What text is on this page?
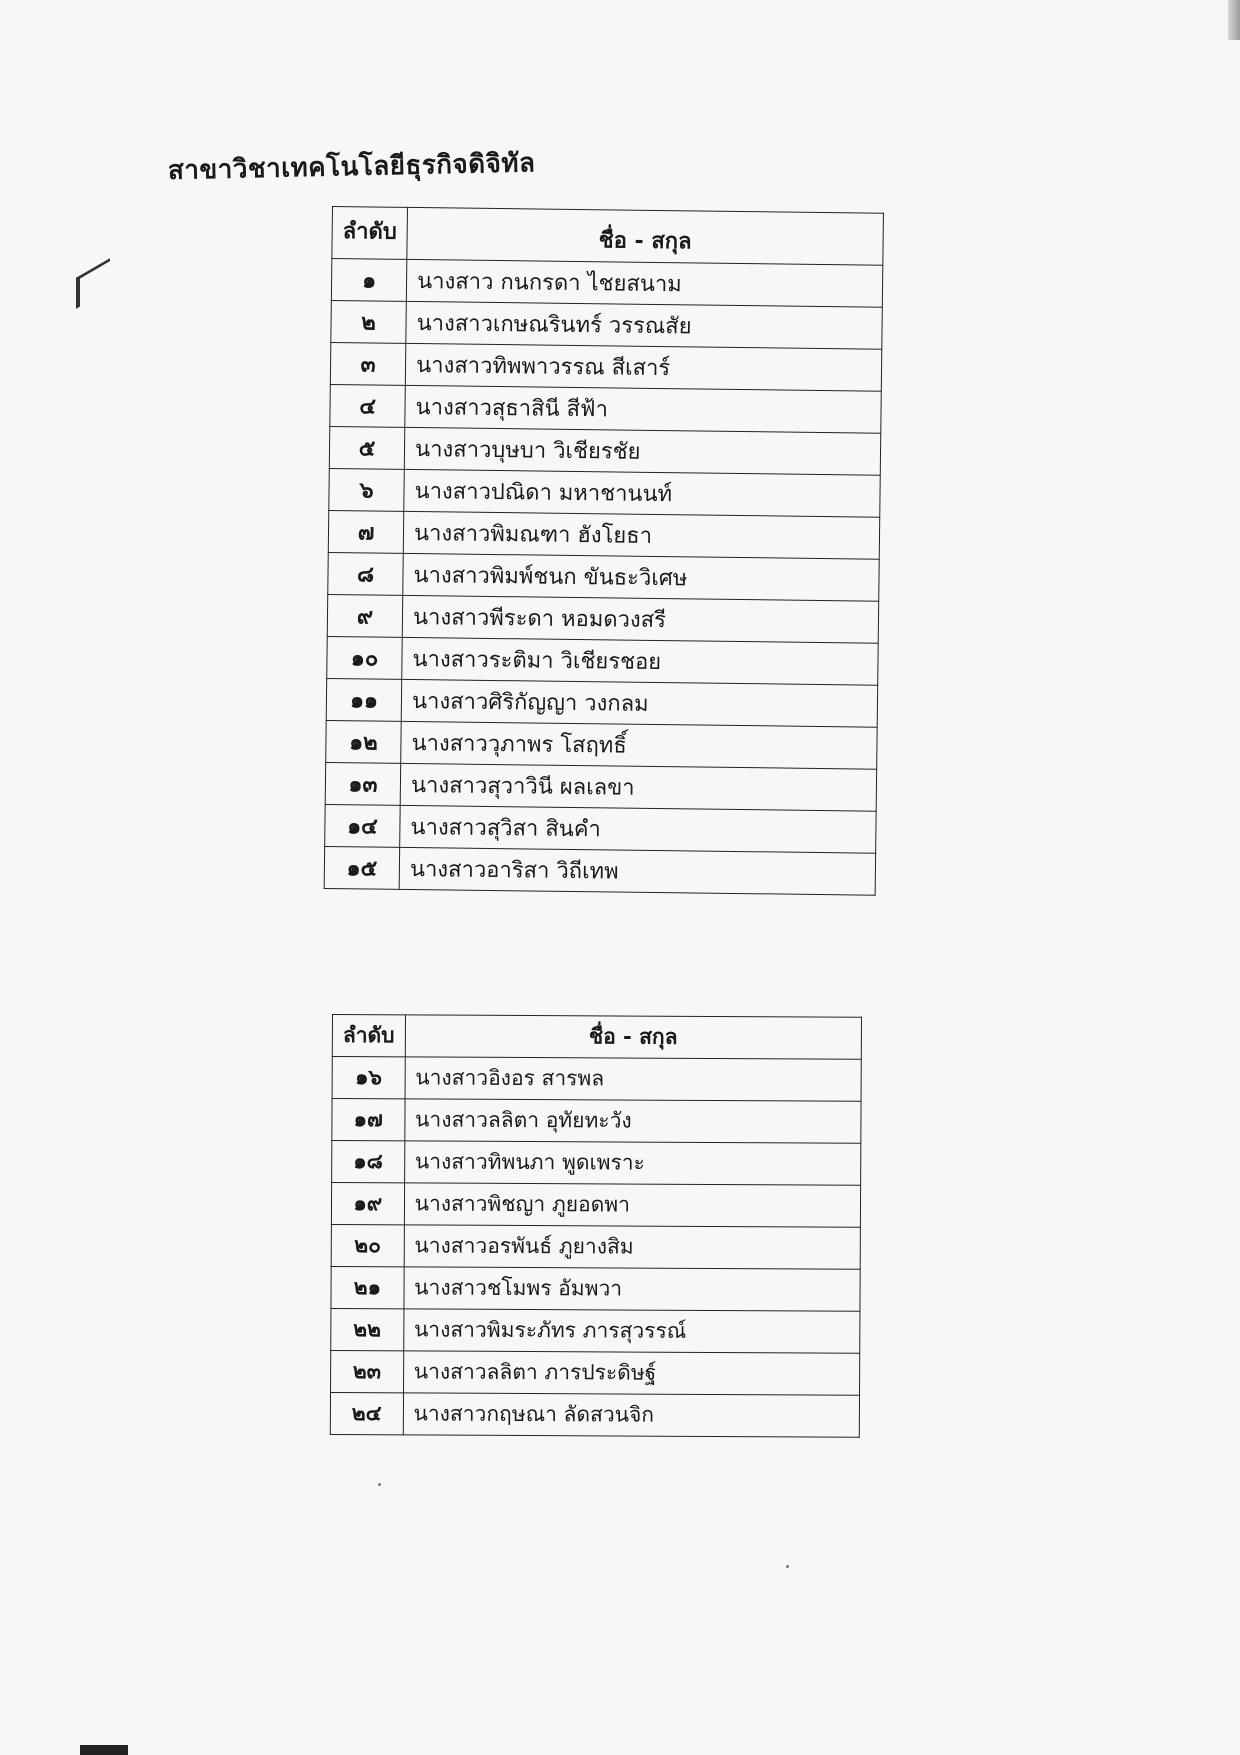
สาขาวิชาเทคโนโลยีธุรกิจดิจิทัล
ลำดับ	ชื่อ - สกุล
๑	นางสาว กนกรดา ไชยสนาม
๒	นางสาวเกษณรินทร์ วรรณสัย
๓	นางสาวทิพพาวรรณ สีเสาร์
๔	นางสาวสุธาสินี สีฟ้า
๕	นางสาวบุษบา วิเชียรชัย
๖	นางสาวปณิดา มหาชานนท์
๗	นางสาวพิมณฑา ฮังโยธา
๘	นางสาวพิมพ์ชนก ขันธะวิเศษ
๙	นางสาวพีระดา หอมดวงสรี
๑๐	นางสาวระติมา วิเชียรชอย
๑๑	นางสาวศิริกัญญา วงกลม
๑๒	นางสาววุภาพร โสฤทธิ์
๑๓	นางสาวสุวาวินี ผลเลขา
๑๔	นางสาวสุวิสา สินคำ
๑๕	นางสาวอาริสา วิถีเทพ
ลำดับ	ชื่อ - สกุล
๑๖	นางสาวอิงอร สารพล
๑๗	นางสาวลลิตา อุทัยทะวัง
๑๘	นางสาวทิพนภา พูดเพราะ
๑๙	นางสาวพิชญา ภูยอดพา
๒๐	นางสาวอรพันธ์ ภูยางสิม
๒๑	นางสาวชโมพร อัมพวา
๒๒	นางสาวพิมระภัทร ภารสุวรรณ์
๒๓	นางสาวลลิตา ภารประดิษฐ์
๒๔	นางสาวกฤษณา ลัดสวนจิก
